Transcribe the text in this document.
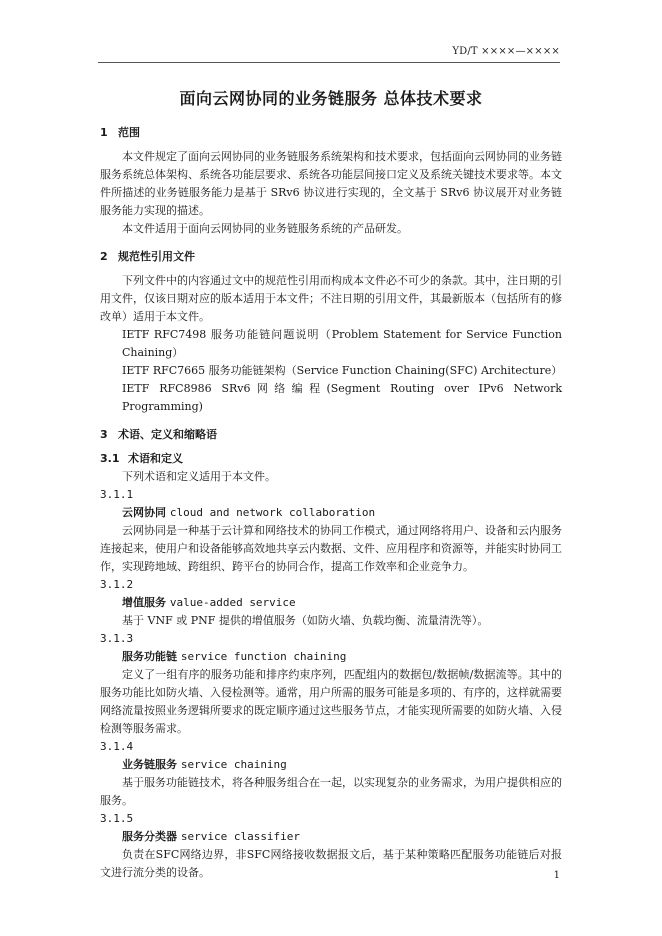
YD/T ××××—××××
面向云网协同的业务链服务 总体技术要求

1 范围

本文件规定了面向云网协同的业务链服务系统架构和技术要求，包括面向云网协同的业务链服务系统总体架构、系统各功能层要求、系统各功能层间接口定义及系统关键技术要求等。本文件所描述的业务链服务能力是基于 SRv6 协议进行实现的，全文基于 SRv6 协议展开对业务链服务能力实现的描述。

本文件适用于面向云网协同的业务链服务系统的产品研发。

2 规范性引用文件

下列文件中的内容通过文中的规范性引用而构成本文件必不可少的条款。其中，注日期的引用文件，仅该日期对应的版本适用于本文件；不注日期的引用文件，其最新版本（包括所有的修改单）适用于本文件。

IETF RFC7498 服务功能链问题说明（Problem Statement for Service Function Chaining）

IETF RFC7665 服务功能链架构（Service Function Chaining(SFC) Architecture）

IETF RFC8986 SRv6网络编程(Segment Routing over IPv6 Network Programming)

3 术语、定义和缩略语

3.1 术语和定义

下列术语和定义适用于本文件。

3.1.1

云网协同 cloud and network collaboration

云网协同是一种基于云计算和网络技术的协同工作模式，通过网络将用户、设备和云内服务连接起来，使用户和设备能够高效地共享云内数据、文件、应用程序和资源等，并能实时协同工作，实现跨地域、跨组织、跨平台的协同合作，提高工作效率和企业竞争力。

3.1.2

增值服务 value-added service

基于 VNF 或 PNF 提供的增值服务（如防火墙、负载均衡、流量清洗等）。

3.1.3

服务功能链 service function chaining

定义了一组有序的服务功能和排序约束序列，匹配组内的数据包/数据帧/数据流等。其中的服务功能比如防火墙、入侵检测等。通常，用户所需的服务可能是多项的、有序的，这样就需要网络流量按照业务逻辑所要求的既定顺序通过这些服务节点，才能实现所需要的如防火墙、入侵检测等服务需求。

3.1.4

业务链服务 service chaining

基于服务功能链技术，将各种服务组合在一起，以实现复杂的业务需求，为用户提供相应的服务。

3.1.5

服务分类器 service classifier

负责在SFC网络边界，非SFC网络接收数据报文后，基于某种策略匹配服务功能链后对报文进行流分类的设备。	1
